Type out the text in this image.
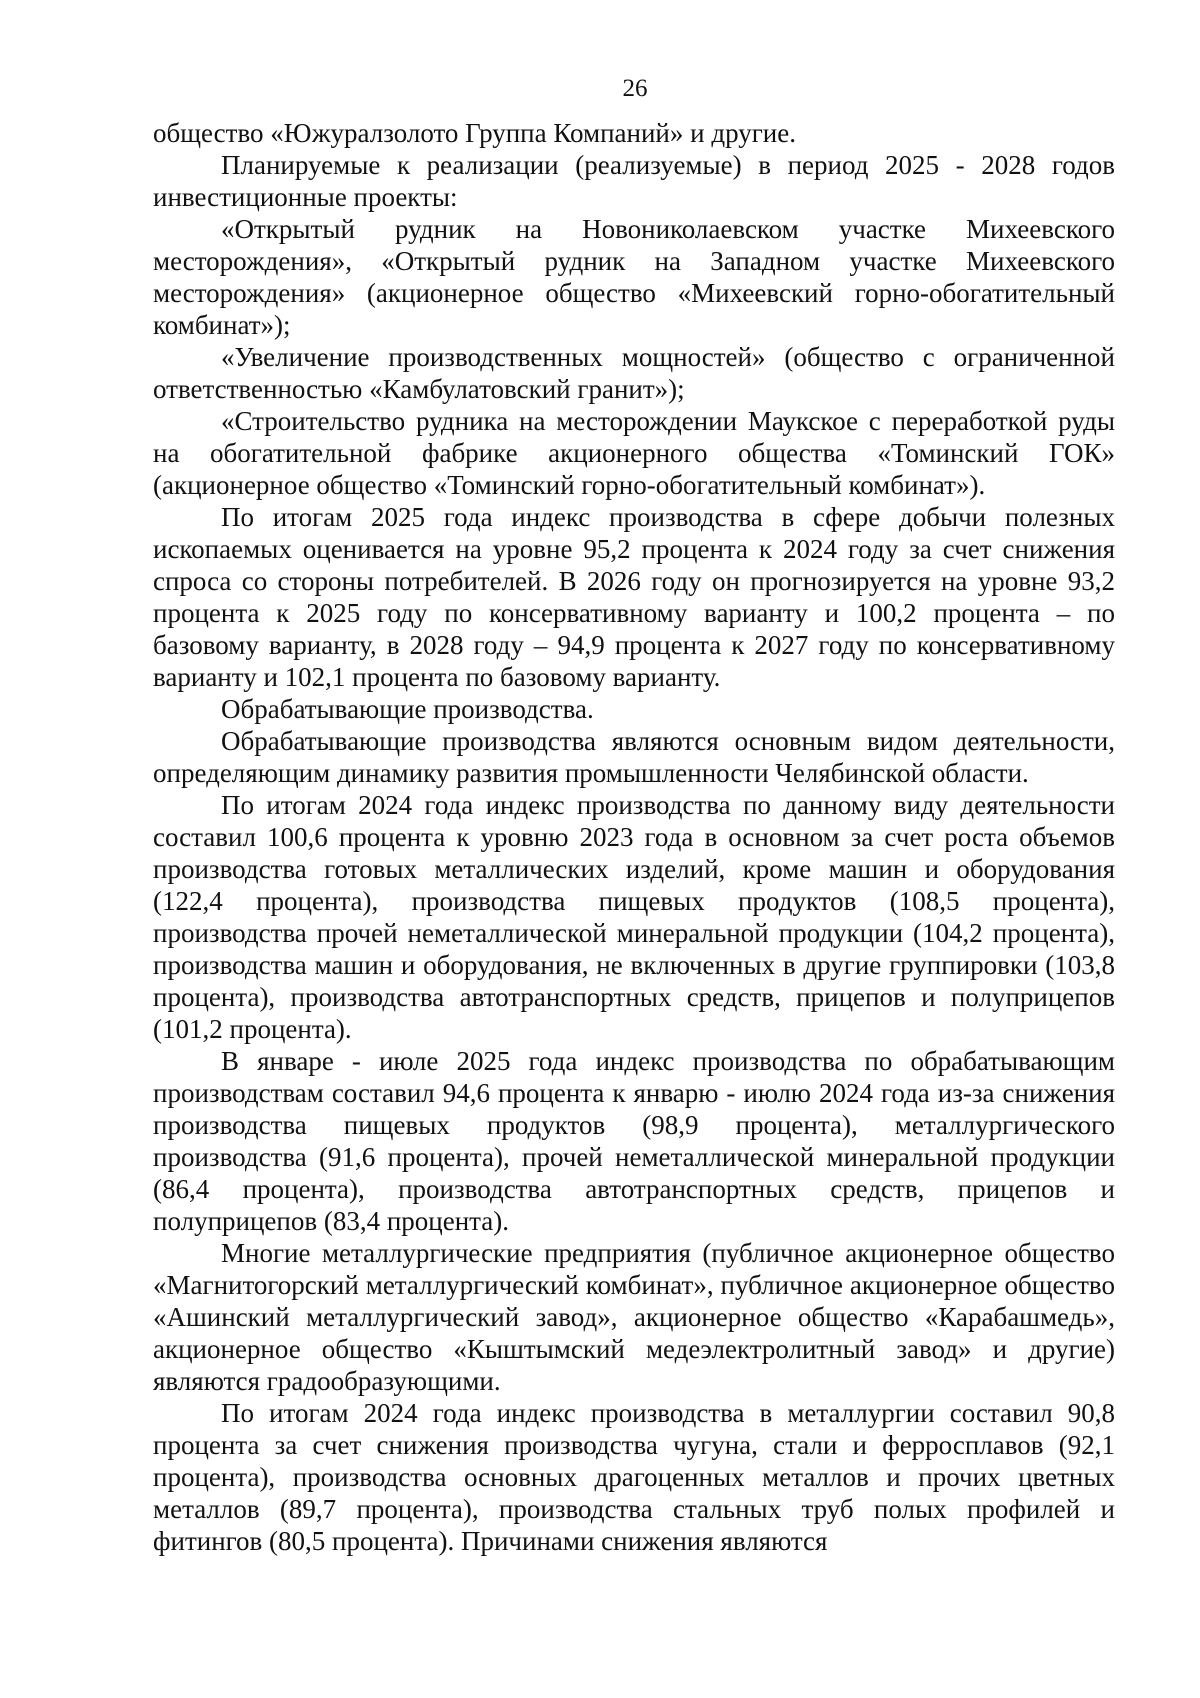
26

общество «Южуралзолото Группа Компаний» и другие.

Планируемые к реализации (реализуемые) в период 2025 - 2028 годов инвестиционные проекты:

«Открытый рудник на Новониколаевском участке Михеевского месторождения», «Открытый рудник на Западном участке Михеевского месторождения» (акционерное общество «Михеевский горно-обогатительный комбинат»);

«Увеличение производственных мощностей» (общество с ограниченной ответственностью «Камбулатовский гранит»);

«Строительство рудника на месторождении Маукское с переработкой руды на обогатительной фабрике акционерного общества «Томинский ГОК» (акционерное общество «Томинский горно-обогатительный комбинат»).

По итогам 2025 года индекс производства в сфере добычи полезных ископаемых оценивается на уровне 95,2 процента к 2024 году за счет снижения спроса со стороны потребителей. В 2026 году он прогнозируется на уровне 93,2 процента к 2025 году по консервативному варианту и 100,2 процента – по базовому варианту, в 2028 году – 94,9 процента к 2027 году по консервативному варианту и 102,1 процента по базовому варианту.

Обрабатывающие производства.

Обрабатывающие производства являются основным видом деятельности, определяющим динамику развития промышленности Челябинской области.

По итогам 2024 года индекс производства по данному виду деятельности составил 100,6 процента к уровню 2023 года в основном за счет роста объемов производства готовых металлических изделий, кроме машин и оборудования (122,4 процента), производства пищевых продуктов (108,5 процента), производства прочей неметаллической минеральной продукции (104,2 процента), производства машин и оборудования, не включенных в другие группировки (103,8 процента), производства автотранспортных средств, прицепов и полуприцепов (101,2 процента).

В январе - июле 2025 года индекс производства по обрабатывающим производствам составил 94,6 процента к январю - июлю 2024 года из-за снижения производства пищевых продуктов (98,9 процента), металлургического производства (91,6 процента), прочей неметаллической минеральной продукции (86,4 процента), производства автотранспортных средств, прицепов и полуприцепов (83,4 процента).

Многие металлургические предприятия (публичное акционерное общество «Магнитогорский металлургический комбинат», публичное акционерное общество «Ашинский металлургический завод», акционерное общество «Карабашмедь», акционерное общество «Кыштымский медеэлектролитный завод» и другие) являются градообразующими.

По итогам 2024 года индекс производства в металлургии составил 90,8 процента за счет снижения производства чугуна, стали и ферросплавов (92,1 процента), производства основных драгоценных металлов и прочих цветных металлов (89,7 процента), производства стальных труб полых профилей и фитингов (80,5 процента). Причинами снижения являются
